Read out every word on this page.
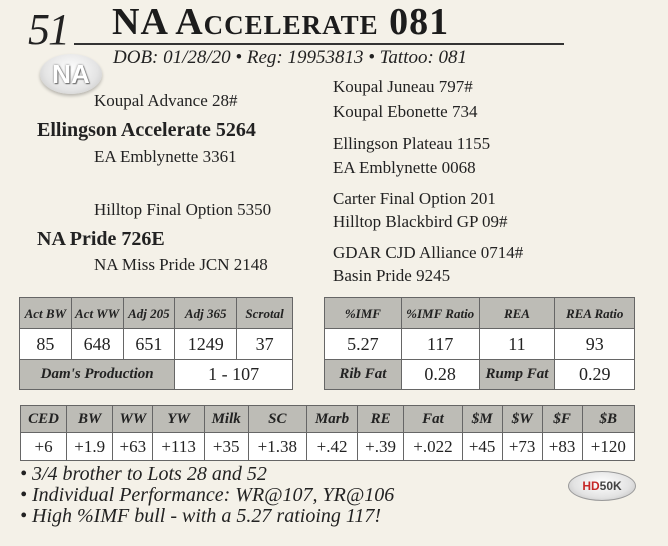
51
NA
NA Accelerate 081
DOB: 01/28/20 • Reg: 19953813 • Tattoo: 081
Koupal Advance 28#
Ellingson Accelerate 5264
EA Emblynette 3361
Hilltop Final Option 5350
NA Pride 726E
NA Miss Pride JCN 2148
Koupal Juneau 797#
Koupal Ebonette 734
Ellingson Plateau 1155
EA Emblynette 0068
Carter Final Option 201
Hilltop Blackbird GP 09#
GDAR CJD Alliance 0714#
Basin Pride 9245
Act BW	Act WW	Adj 205	Adj 365	Scrotal
85	648	651	1249	37
Dam's Production			1 - 107	
%IMF	%IMF Ratio	REA	REA Ratio
5.27	117	11	93
Rib Fat	0.28	Rump Fat	0.29
CED	BW	WW	YW	Milk	SC	Marb	RE	Fat	$M	$W	$F	$B
+6	+1.9	+63	+113	+35	+1.38	+.42	+.39	+.022	+45	+73	+83	+120
• 3/4 brother to Lots 28 and 52
• Individual Performance: WR@107, YR@106
• High %IMF bull - with a 5.27 ratioing 117!
HD50K
